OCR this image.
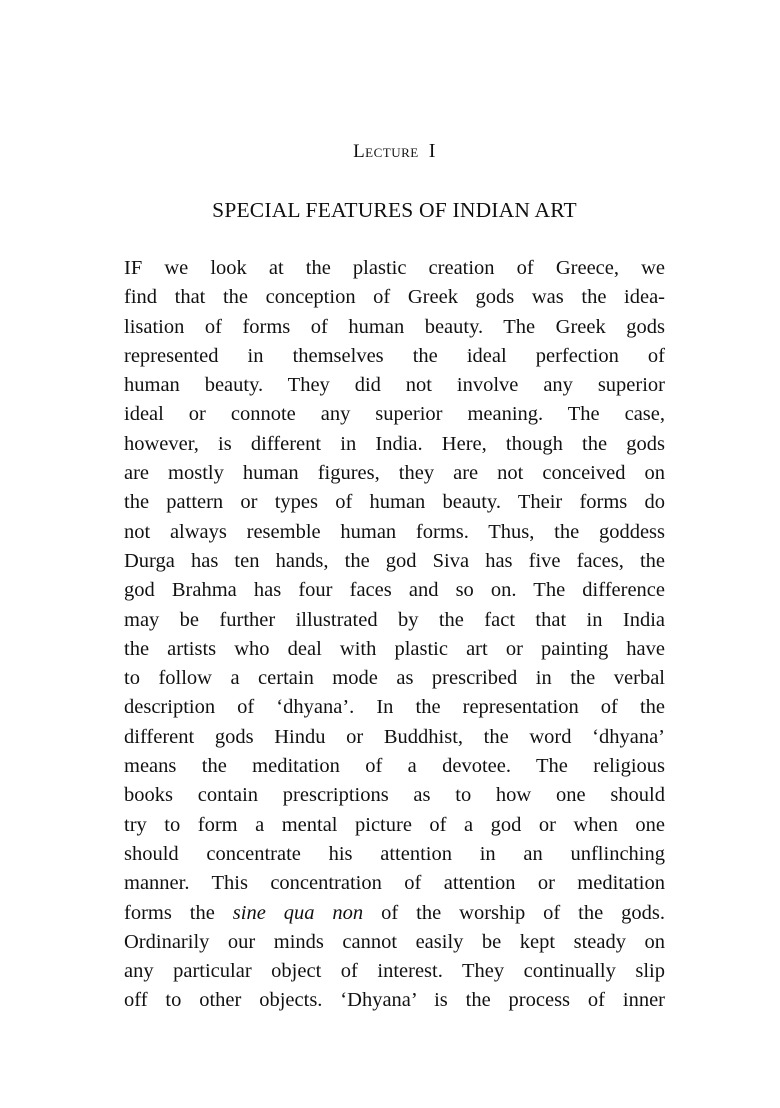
Lecture I
SPECIAL FEATURES OF INDIAN ART
IF we look at the plastic creation of Greece, we
find that the conception of Greek gods was the idea-
lisation of forms of human beauty. The Greek gods
represented in themselves the ideal perfection of
human beauty. They did not involve any superior
ideal or connote any superior meaning. The case,
however, is different in India. Here, though the gods
are mostly human figures, they are not conceived on
the pattern or types of human beauty. Their forms do
not always resemble human forms. Thus, the goddess
Durga has ten hands, the god Siva has five faces, the
god Brahma has four faces and so on. The difference
may be further illustrated by the fact that in India
the artists who deal with plastic art or painting have
to follow a certain mode as prescribed in the verbal
description of ‘dhyana’. In the representation of the
different gods Hindu or Buddhist, the word ‘dhyana’
means the meditation of a devotee. The religious
books contain prescriptions as to how one should
try to form a mental picture of a god or when one
should concentrate his attention in an unflinching
manner. This concentration of attention or meditation
forms the sine qua non of the worship of the gods.
Ordinarily our minds cannot easily be kept steady on
any particular object of interest. They continually slip
off to other objects. ‘Dhyana’ is the process of inner
